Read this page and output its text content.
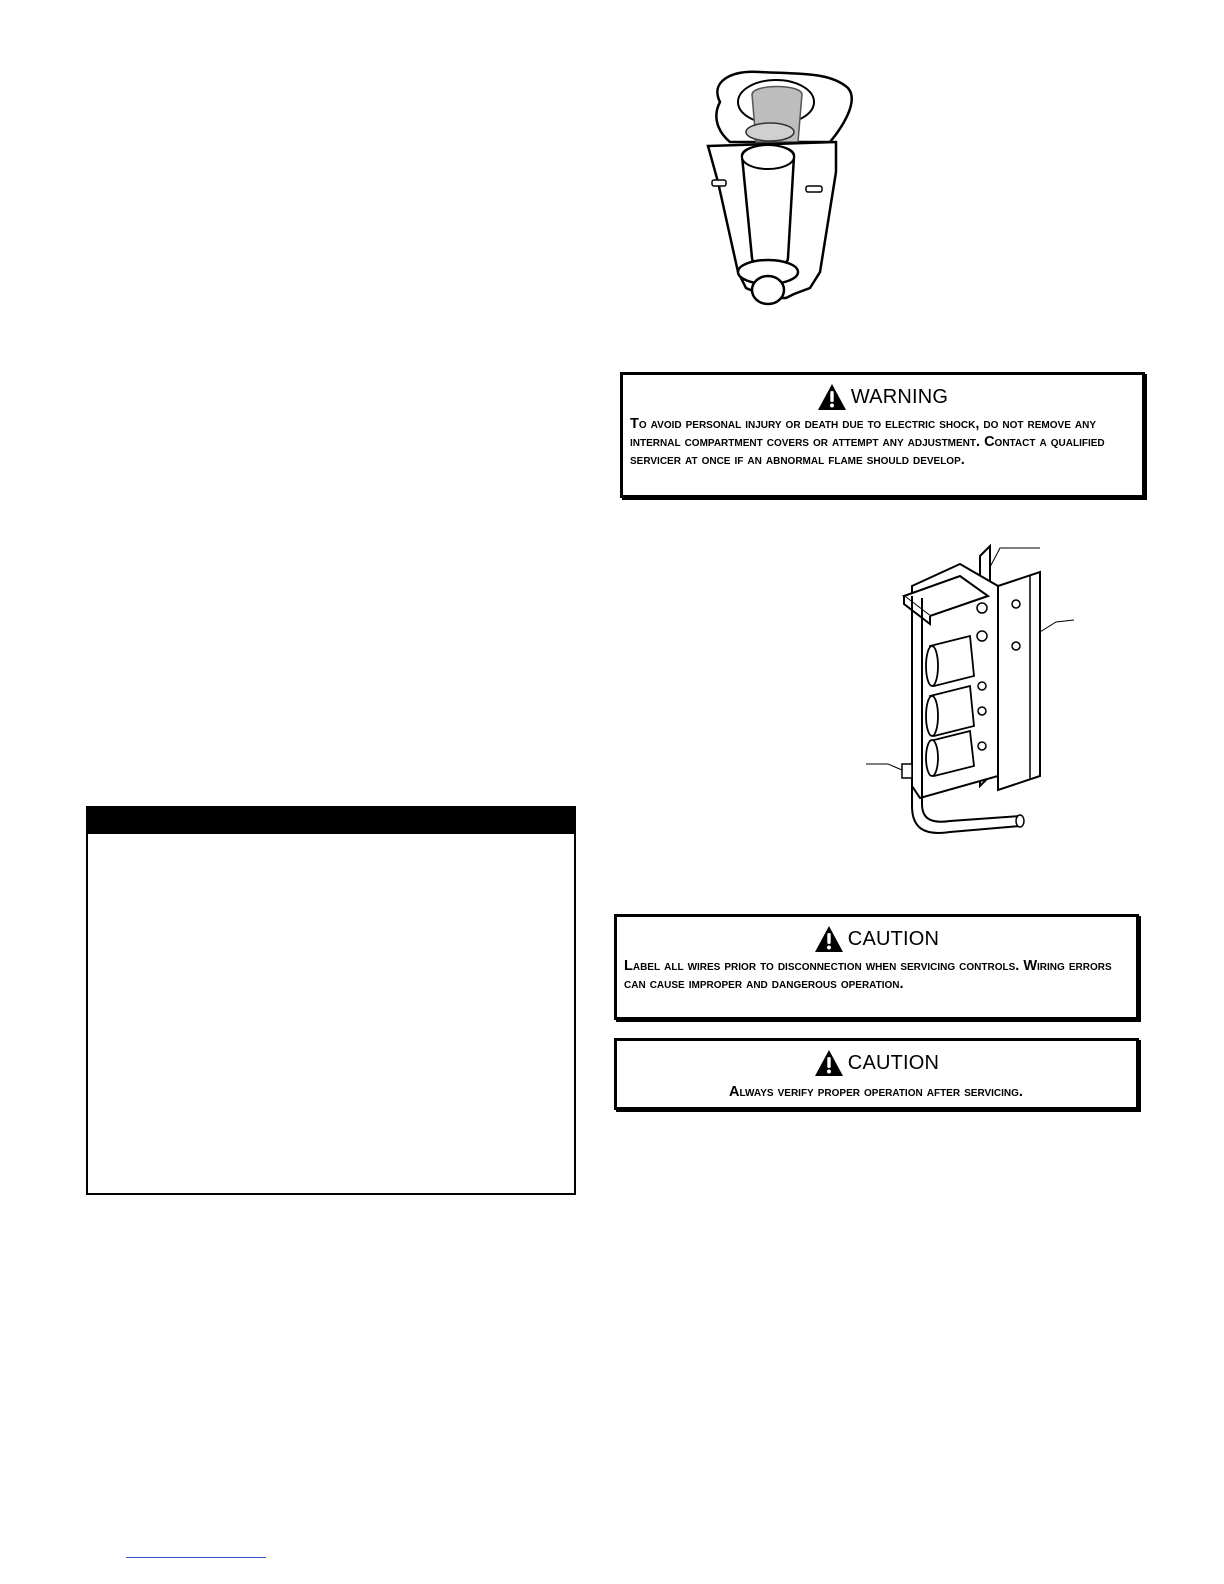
WARNING
To avoid personal injury or death due to electric shock, do not remove any internal compartment covers or attempt any adjustment. Contact a qualified servicer at once if an abnormal flame should develop.
CAUTION
Label all wires prior to disconnection when servicing controls. Wiring errors can cause improper and dangerous operation.
CAUTION
Always verify proper operation after servicing.
